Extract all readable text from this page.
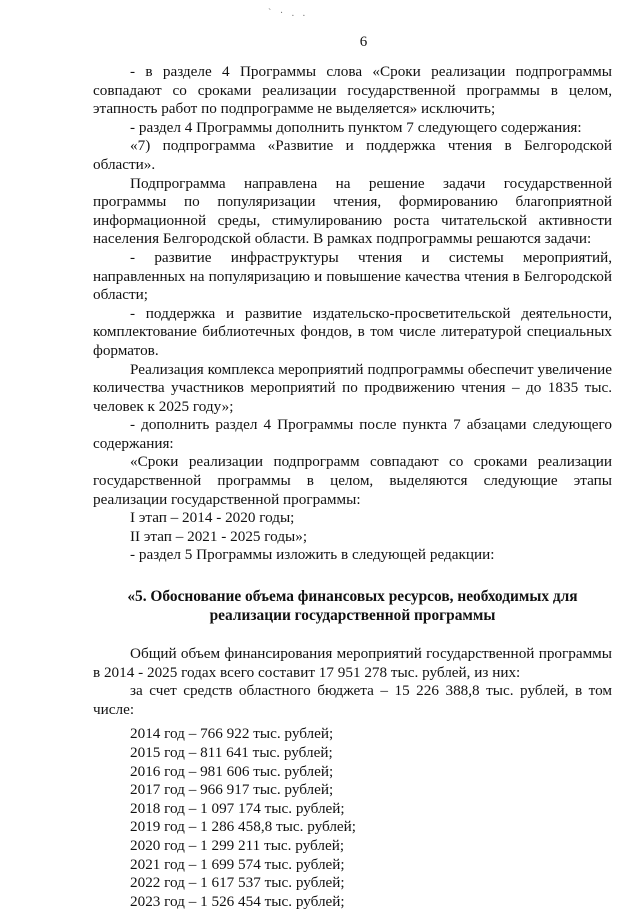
` · . .
6

- в разделе 4 Программы слова «Сроки реализации подпрограммы совпадают со сроками реализации государственной программы в целом, этапность работ по подпрограмме не выделяется» исключить;

- раздел 4 Программы дополнить пунктом 7 следующего содержания:

«7) подпрограмма «Развитие и поддержка чтения в Белгородской области».

Подпрограмма направлена на решение задачи государственной программы по популяризации чтения, формированию благоприятной информационной среды, стимулированию роста читательской активности населения Белгородской области. В рамках подпрограммы решаются задачи:

- развитие инфраструктуры чтения и системы мероприятий, направленных на популяризацию и повышение качества чтения в Белгородской области;

- поддержка и развитие издательско-просветительской деятельности, комплектование библиотечных фондов, в том числе литературой специальных форматов.

Реализация комплекса мероприятий подпрограммы обеспечит увеличение количества участников мероприятий по продвижению чтения – до 1835 тыс. человек к 2025 году»;

- дополнить раздел 4 Программы после пункта 7 абзацами следующего содержания:

«Сроки реализации подпрограмм совпадают со сроками реализации государственной программы в целом, выделяются следующие этапы реализации государственной программы:

I этап – 2014 - 2020 годы;

II этап – 2021 - 2025 годы»;

- раздел 5 Программы изложить в следующей редакции:

«5. Обоснование объема финансовых ресурсов, необходимых для
реализации государственной программы

Общий объем финансирования мероприятий государственной программы в 2014 - 2025 годах всего составит 17 951 278 тыс. рублей, из них:

за счет средств областного бюджета – 15 226 388,8 тыс. рублей, в том числе:

2014 год – 766 922 тыс. рублей;
2015 год – 811 641 тыс. рублей;
2016 год – 981 606 тыс. рублей;
2017 год – 966 917 тыс. рублей;
2018 год – 1 097 174 тыс. рублей;
2019 год – 1 286 458,8 тыс. рублей;
2020 год – 1 299 211 тыс. рублей;
2021 год – 1 699 574 тыс. рублей;
2022 год – 1 617 537 тыс. рублей;
2023 год – 1 526 454 тыс. рублей;
